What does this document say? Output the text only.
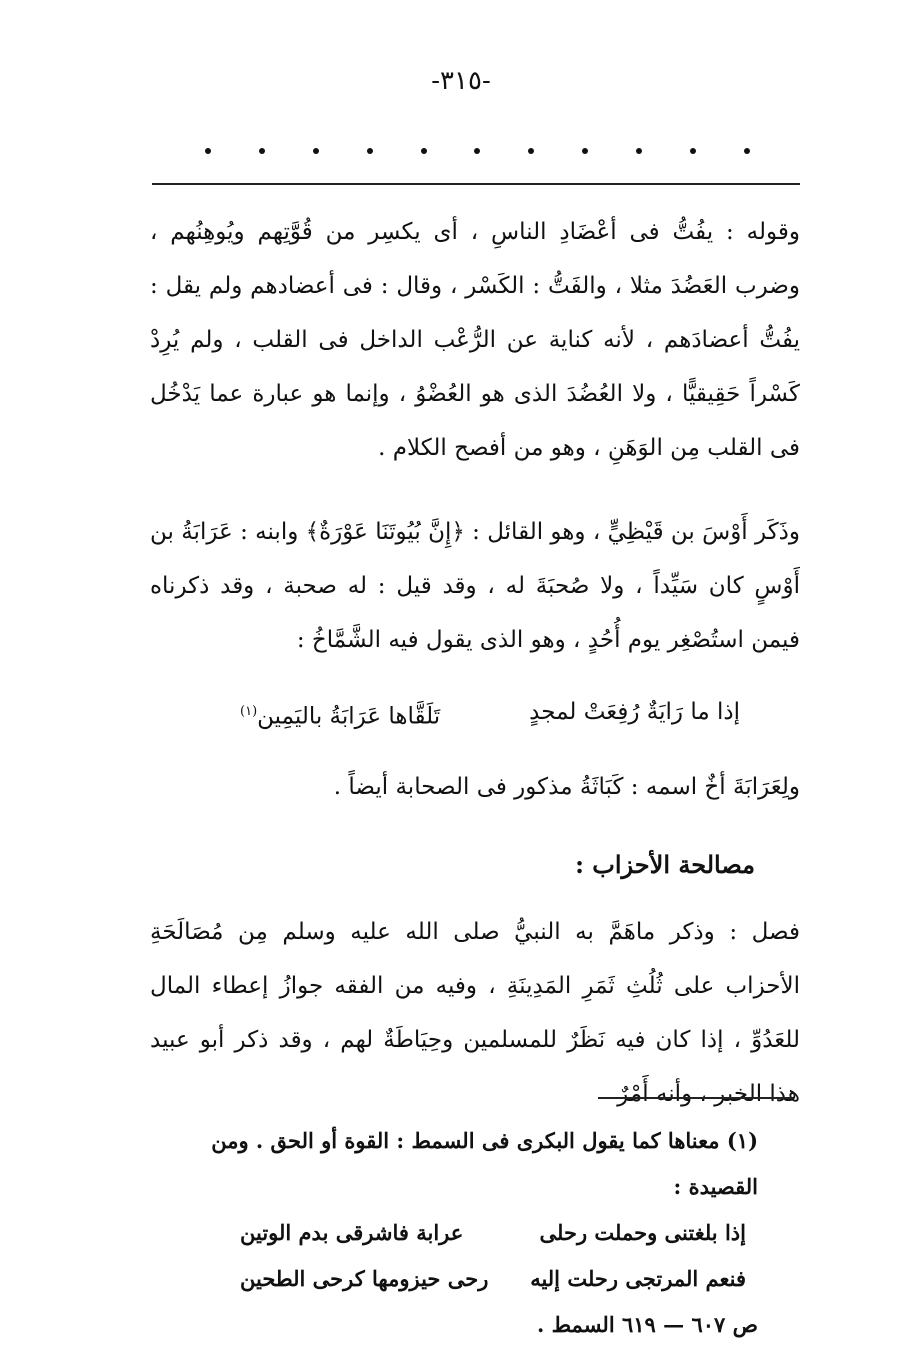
-٣١٥-

وقوله : يفُتُّ فى أعْضَادِ الناسِ ، أى يكسِر من قُوَّتِهم ويُوهِنُهم ، وضرب العَضُدَ مثلا ، والفَتُّ : الكَسْر ، وقال : فى أعضادهم ولم يقل : يفُتُّ أعضادَهم ، لأنه كناية عن الرُّعْب الداخل فى القلب ، ولم يُرِدْ كَسْراً حَقِيقيًّا ، ولا العُضُدَ الذى هو العُضْوُ ، وإنما هو عبارة عما يَدْخُل فى القلب مِن الوَهَنِ ، وهو من أفصح الكلام .

وذَكَر أَوْسَ بن قَيْظِيٍّ ، وهو القائل : ﴿إِنَّ بُيُوتَنَا عَوْرَةٌ﴾ وابنه : عَرَابَةُ بن أَوْسٍ كان سَيِّداً ، ولا صُحبَةَ له ، وقد قيل : له صحبة ، وقد ذكرناه فيمن استُصْغِر يوم أُحُدٍ ، وهو الذى يقول فيه الشَّمَّاخُ :

إذا ما رَايَةٌ رُفِعَتْ لمجدٍ
تَلَقَّاها عَرَابَةُ باليَمِين$^{(١)}$

ولِعَرَابَةَ أخٌ اسمه : كَبَاثَةُ مذكور فى الصحابة أيضاً .

مصالحة الأحزاب :

فصل : وذكر ماهَمَّ به النبيُّ صلى الله عليه وسلم مِن مُصَالَحَةِ الأحزاب على ثُلُثِ ثَمَرِ المَدِينَةِ ، وفيه من الفقه جوازُ إعطاء المال للعَدُوِّ ، إذا كان فيه نَظَرٌ للمسلمين وحِيَاطَةٌ لهم ، وقد ذكر أبو عبيد هذا الخبر ، وأنه أَمْرٌ

(١) معناها كما يقول البكرى فى السمط : القوة أو الحق . ومن القصيدة :
إذا بلغتنى وحملت رحلى
عرابة فاشرقى بدم الوتين
فنعم المرتجى رحلت إليه
رحى حيزومها كرحى الطحين
ص ٦٠٧ — ٦١٩ السمط .
